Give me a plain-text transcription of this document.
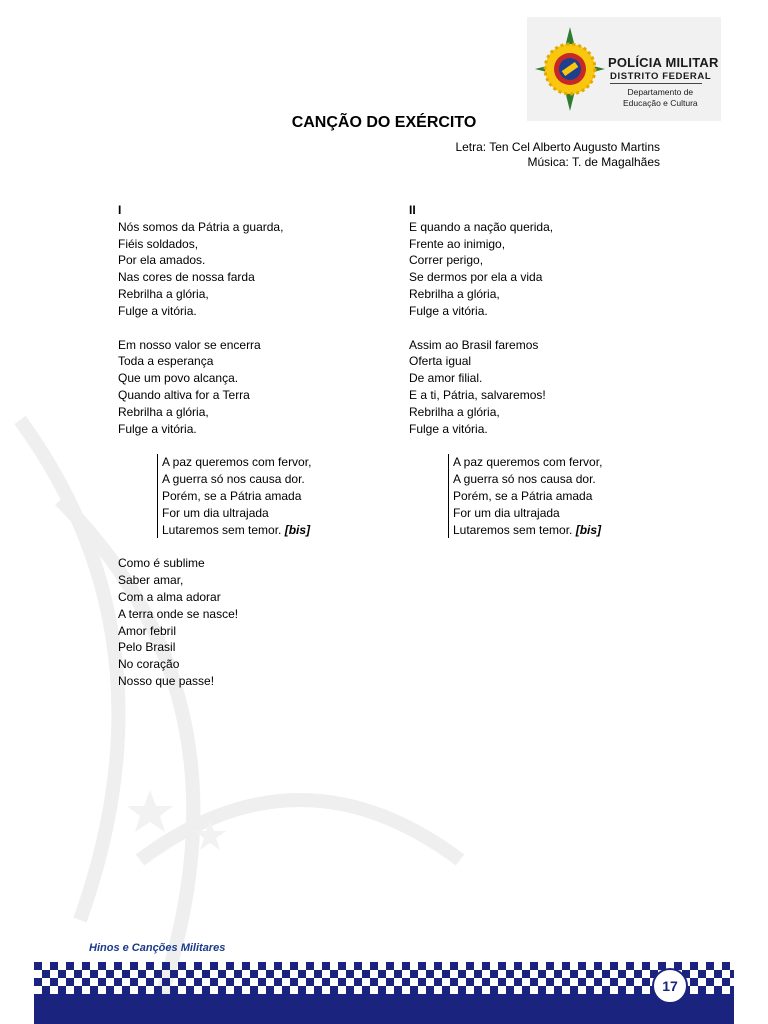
POLÍCIA MILITAR
DISTRITO FEDERAL
Departamento de
Educação e Cultura
CANÇÃO DO EXÉRCITO
Letra: Ten Cel Alberto Augusto Martins
Música: T. de Magalhães
I
Nós somos da Pátria a guarda,
Fiéis soldados,
Por ela amados.
Nas cores de nossa farda
Rebrilha a glória,
Fulge a vitória.
Em nosso valor se encerra
Toda a esperança
Que um povo alcança.
Quando altiva for a Terra
Rebrilha a glória,
Fulge a vitória.
A paz queremos com fervor,
A guerra só nos causa dor.
Porém, se a Pátria amada
For um dia ultrajada
Lutaremos sem temor. [bis]
Como é sublime
Saber amar,
Com a alma adorar
A terra onde se nasce!
Amor febril
Pelo Brasil
No coração
Nosso que passe!
II
E quando a nação querida,
Frente ao inimigo,
Correr perigo,
Se dermos por ela a vida
Rebrilha a glória,
Fulge a vitória.
Assim ao Brasil faremos
Oferta igual
De amor filial.
E a ti, Pátria, salvaremos!
Rebrilha a glória,
Fulge a vitória.
A paz queremos com fervor,
A guerra só nos causa dor.
Porém, se a Pátria amada
For um dia ultrajada
Lutaremos sem temor. [bis]
Hinos e Canções Militares
17
